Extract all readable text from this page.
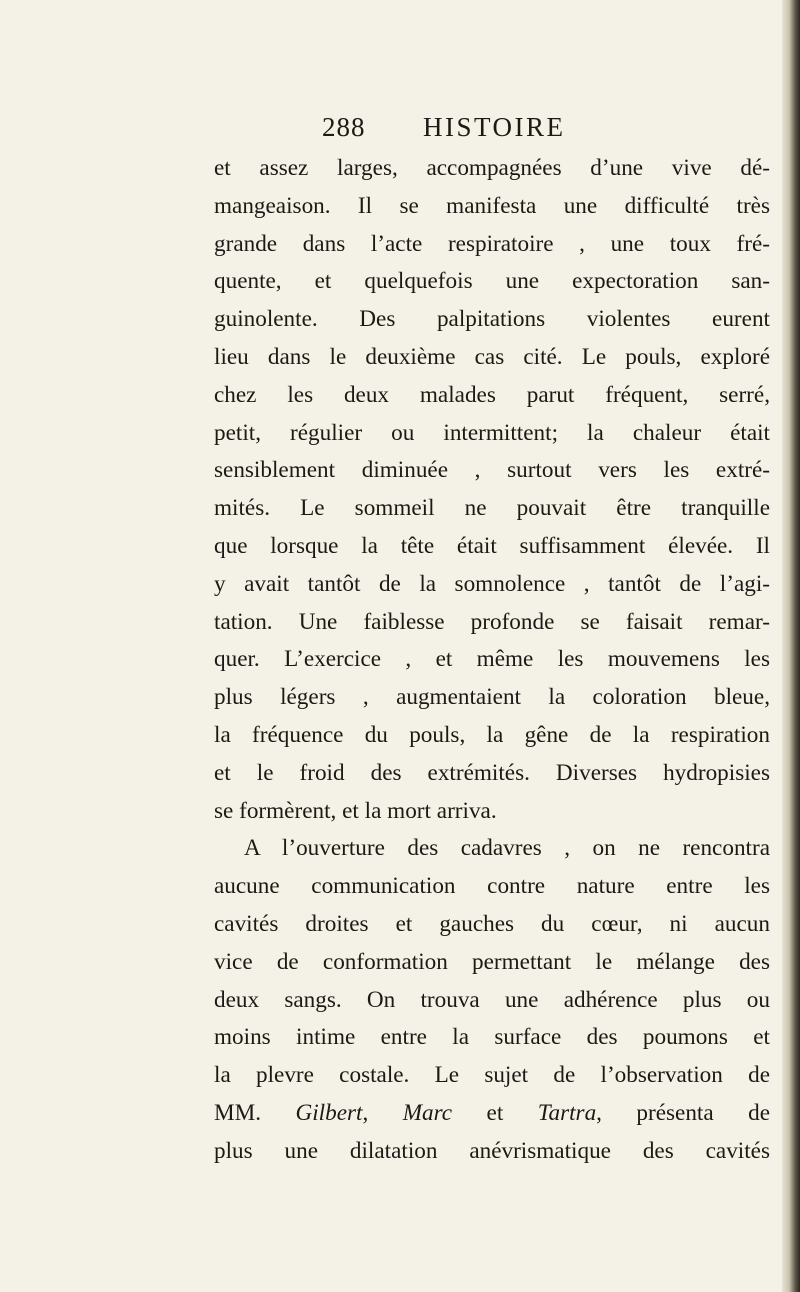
288 HISTOIRE
et assez larges, accompagnées d’une vive dé-
mangeaison. Il se manifesta une difficulté très
grande dans l’acte respiratoire , une toux fré-
quente, et quelquefois une expectoration san-
guinolente. Des palpitations violentes eurent
lieu dans le deuxième cas cité. Le pouls, exploré
chez les deux malades parut fréquent, serré,
petit, régulier ou intermittent; la chaleur était
sensiblement diminuée , surtout vers les extré-
mités. Le sommeil ne pouvait être tranquille
que lorsque la tête était suffisamment élevée. Il
y avait tantôt de la somnolence , tantôt de l’agi-
tation. Une faiblesse profonde se faisait remar-
quer. L’exercice , et même les mouvemens les
plus légers , augmentaient la coloration bleue,
la fréquence du pouls, la gêne de la respiration
et le froid des extrémités. Diverses hydropisies
se formèrent, et la mort arriva.
A l’ouverture des cadavres , on ne rencontra
aucune communication contre nature entre les
cavités droites et gauches du cœur, ni aucun
vice de conformation permettant le mélange des
deux sangs. On trouva une adhérence plus ou
moins intime entre la surface des poumons et
la plevre costale. Le sujet de l’observation de
MM. Gilbert, Marc et Tartra, présenta de
plus une dilatation anévrismatique des cavités
